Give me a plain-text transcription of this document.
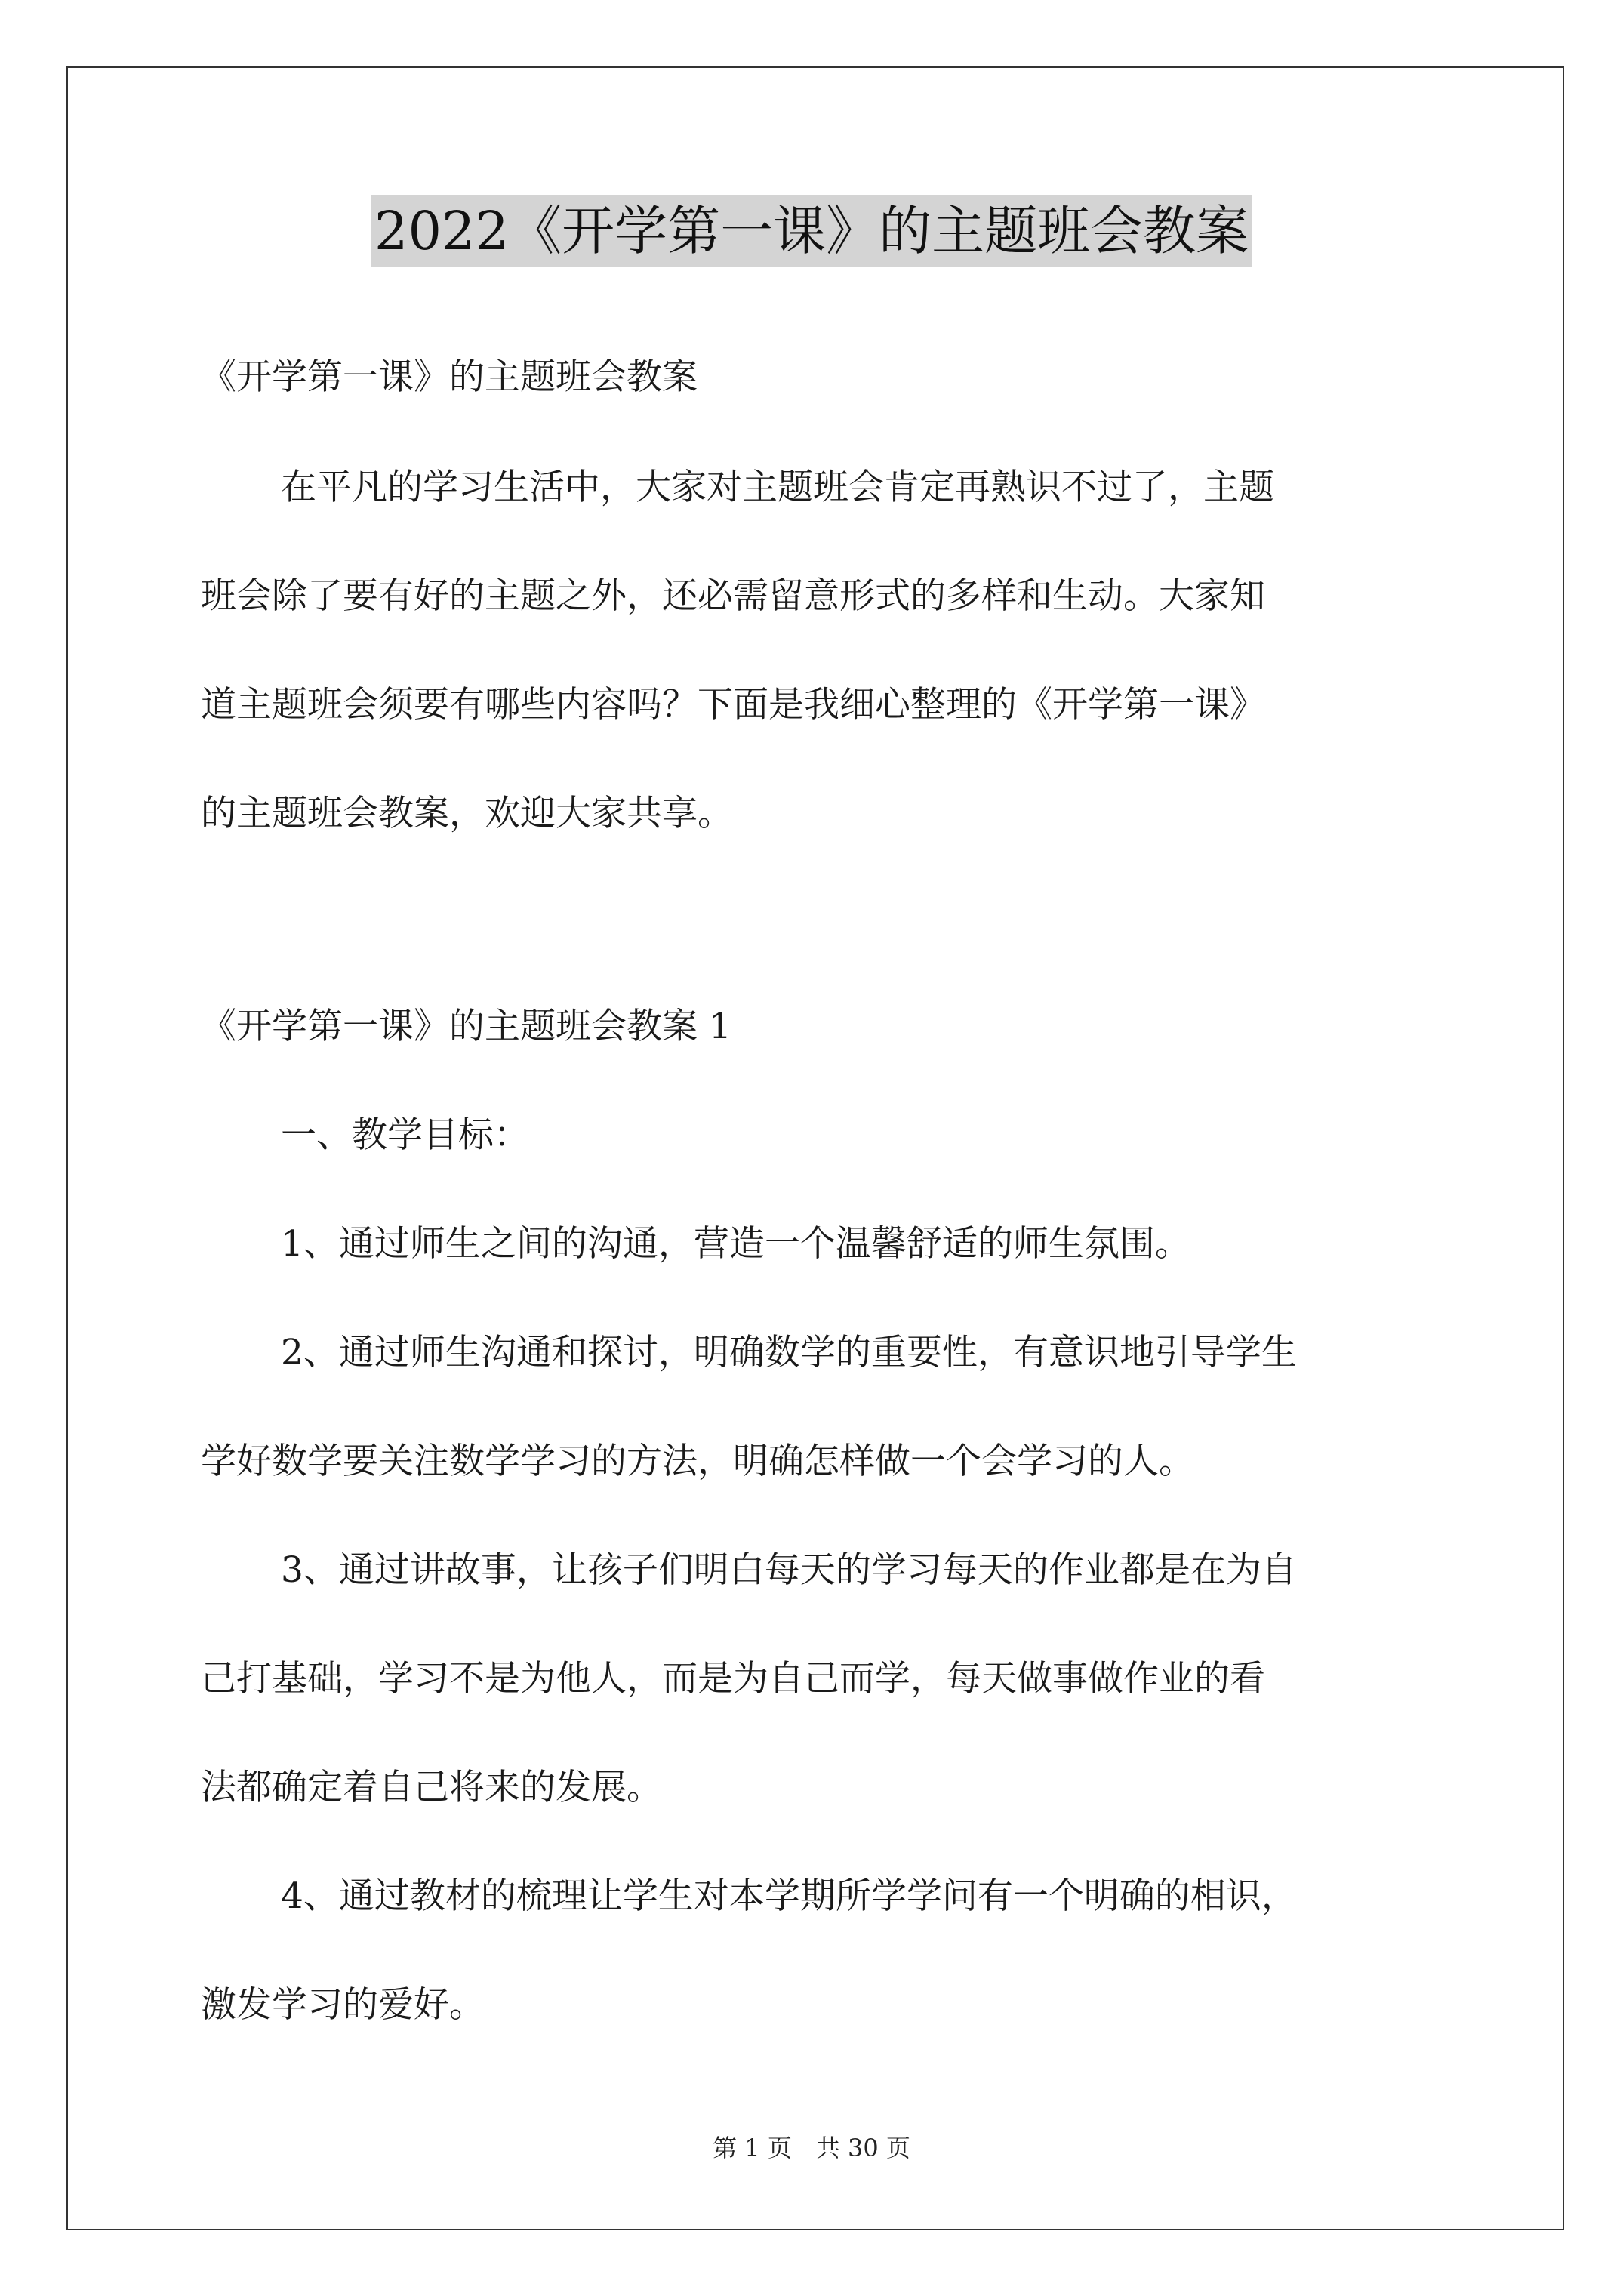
2022《开学第一课》的主题班会教案
《开学第一课》的主题班会教案
在平凡的学习生活中，大家对主题班会肯定再熟识不过了，主题
班会除了要有好的主题之外，还必需留意形式的多样和生动。大家知
道主题班会须要有哪些内容吗？下面是我细心整理的《开学第一课》
的主题班会教案，欢迎大家共享。
《开学第一课》的主题班会教案 1
一、教学目标：
1、通过师生之间的沟通，营造一个温馨舒适的师生氛围。
2、通过师生沟通和探讨，明确数学的重要性，有意识地引导学生
学好数学要关注数学学习的方法，明确怎样做一个会学习的人。
3、通过讲故事，让孩子们明白每天的学习每天的作业都是在为自
己打基础，学习不是为他人，而是为自己而学，每天做事做作业的看
法都确定着自己将来的发展。
4、通过教材的梳理让学生对本学期所学学问有一个明确的相识，
激发学习的爱好。
第 1 页　共 30 页
